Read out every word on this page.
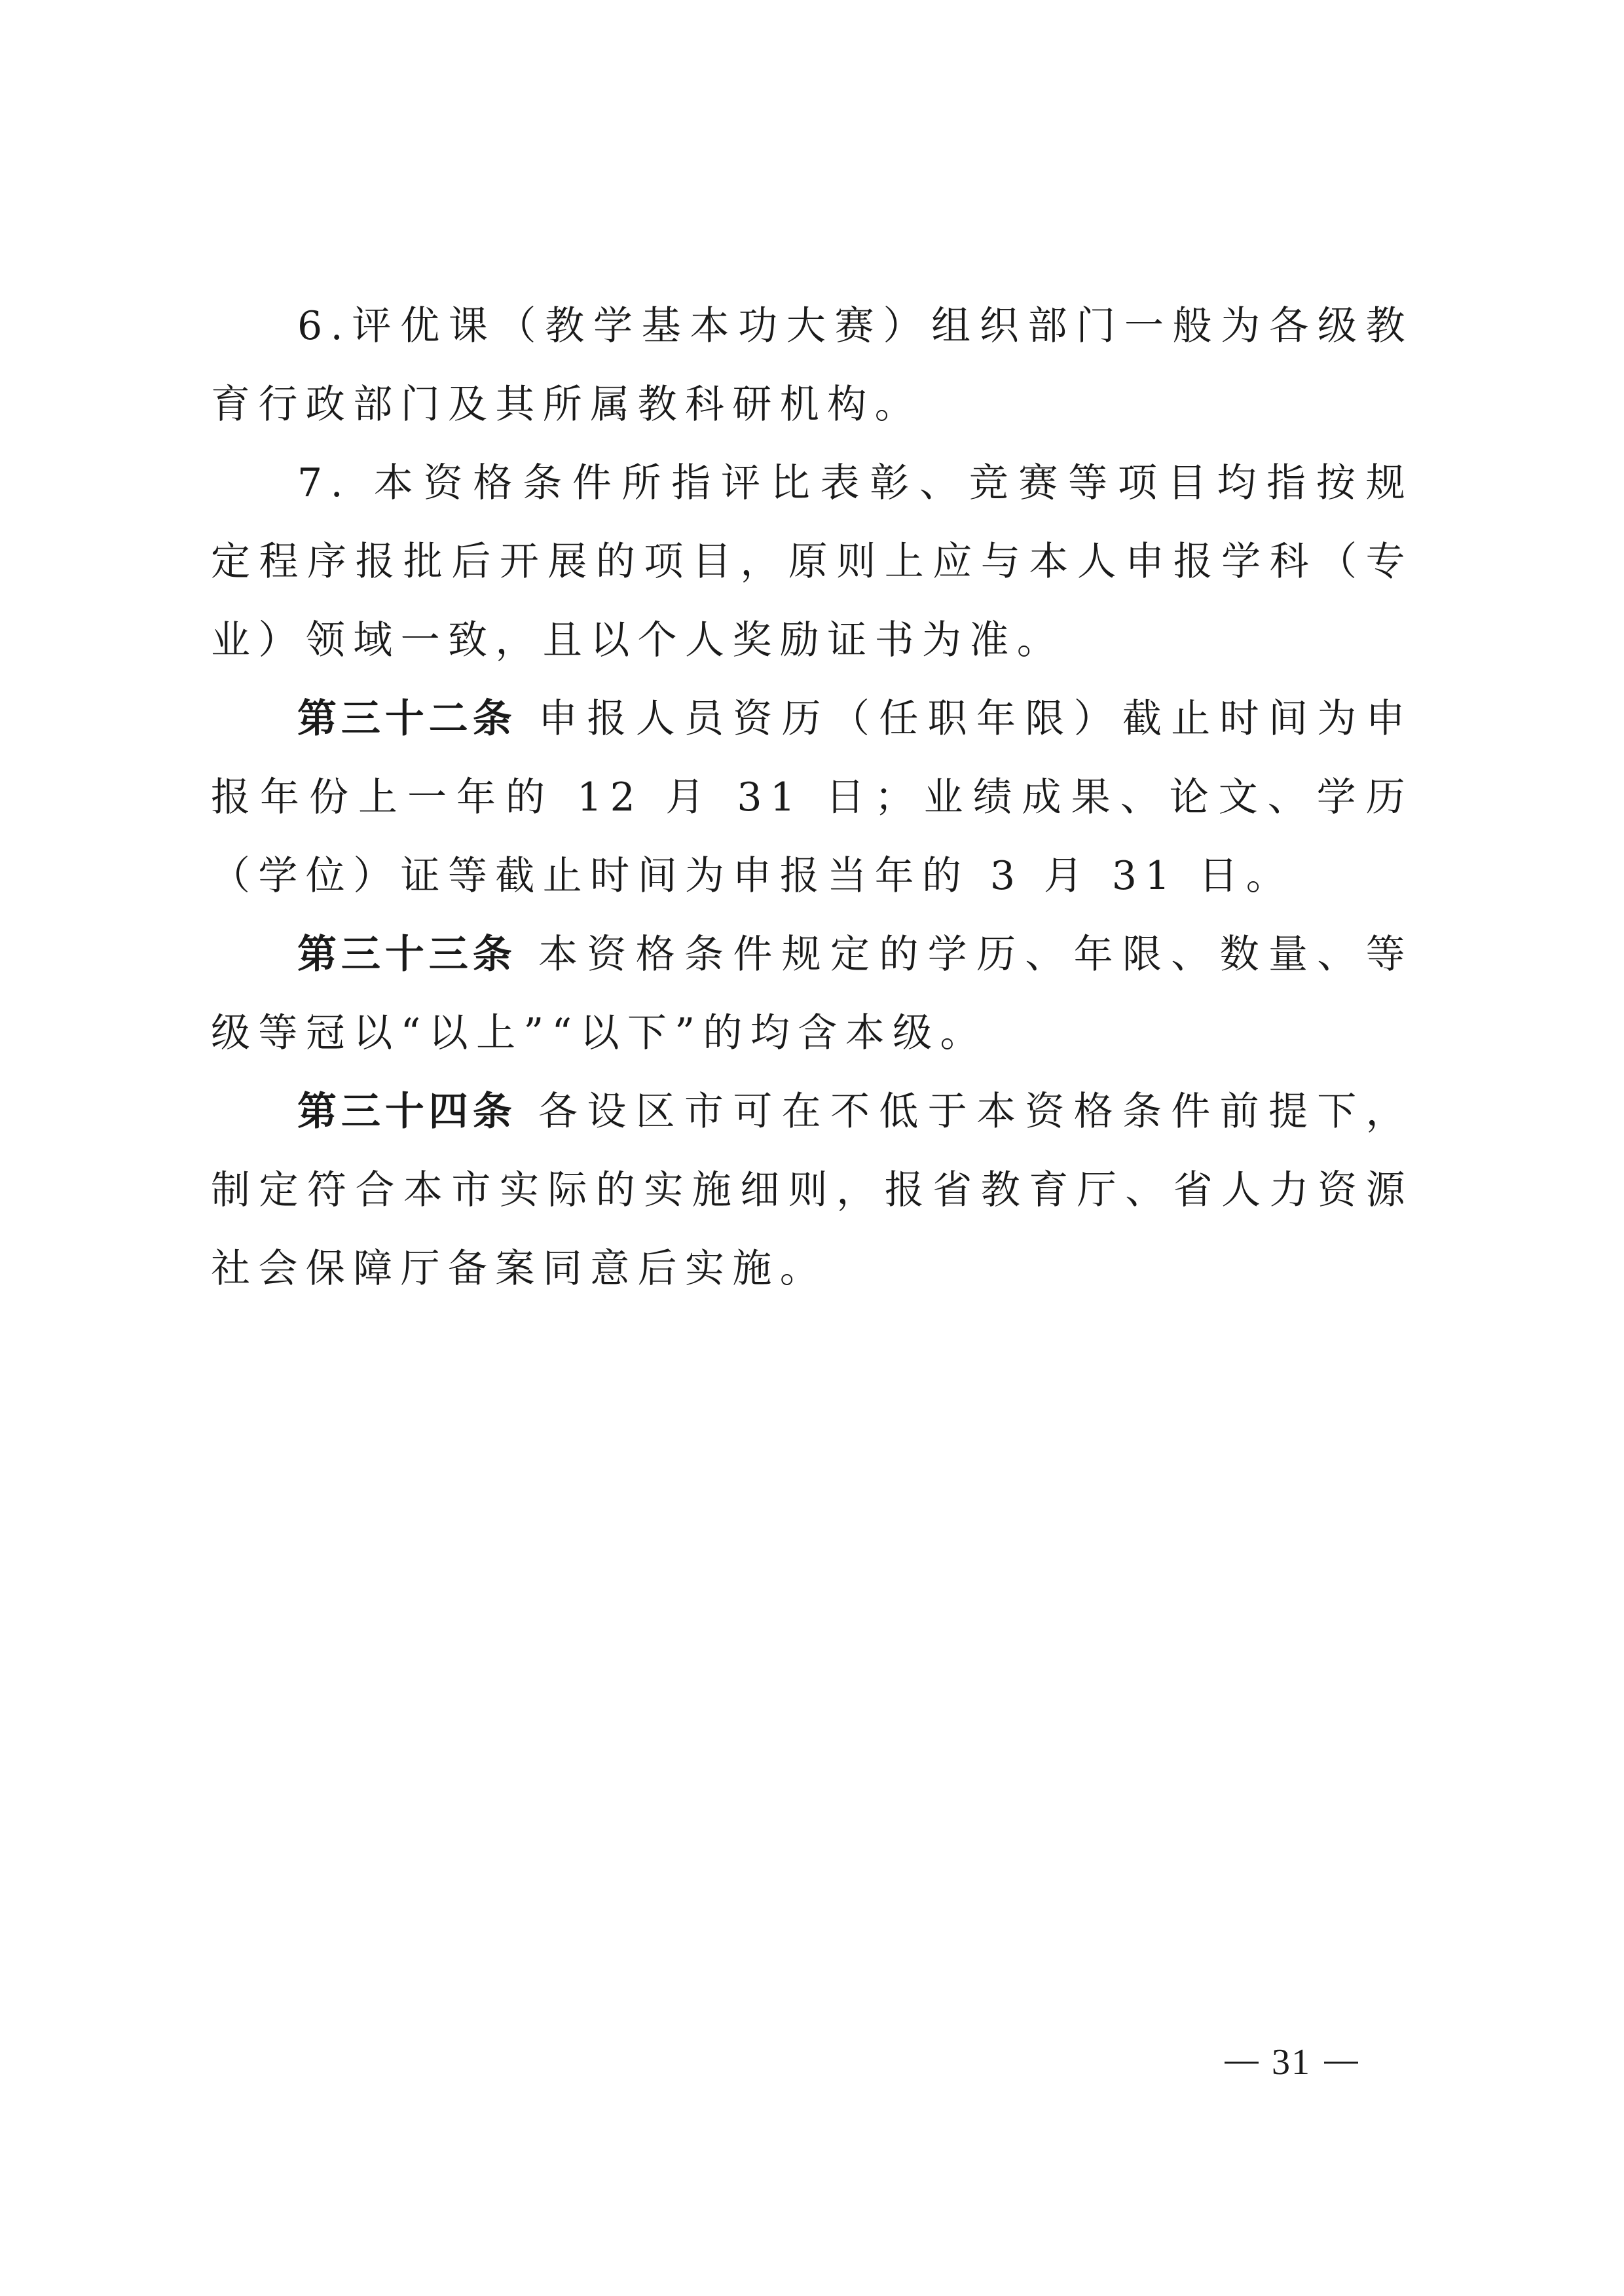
6.评优课（教学基本功大赛）组织部门一般为各级教育行政部门及其所属教科研机构。

7. 本资格条件所指评比表彰、竞赛等项目均指按规定程序报批后开展的项目，原则上应与本人申报学科（专业）领域一致，且以个人奖励证书为准。

第三十二条 申报人员资历（任职年限）截止时间为申报年份上一年的 12 月 31 日；业绩成果、论文、学历（学位）证等截止时间为申报当年的 3 月 31 日。

第三十三条 本资格条件规定的学历、年限、数量、等级等冠以“以上”“以下”的均含本级。

第三十四条 各设区市可在不低于本资格条件前提下，制定符合本市实际的实施细则，报省教育厅、省人力资源社会保障厅备案同意后实施。

31
